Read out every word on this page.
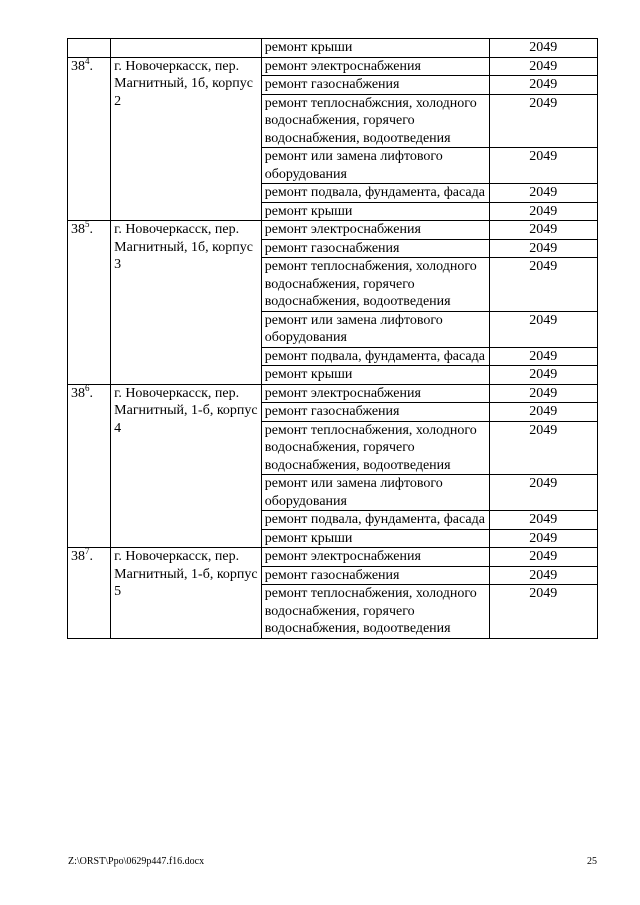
		ремонт крыши	2049
$38^4$.	г. Новочеркасск, пер. Магнитный, 1б, корпус 2	ремонт электроснабжения	2049
		ремонт газоснабжения	2049
		ремонт теплоснабжсния, холодного водоснабжения, горячего водоснабжения, водоотведения	2049
		ремонт или замена лифтового оборудования	2049
		ремонт подвала, фундамента, фасада	2049
		ремонт крыши	2049
$38^5$.	г. Новочеркасск, пер. Магнитный, 1б, корпус 3	ремонт электроснабжения	2049
		ремонт газоснабжения	2049
		ремонт теплоснабжения, холодного водоснабжения, горячего водоснабжения, водоотведения	2049
		ремонт или замена лифтового оборудования	2049
		ремонт подвала, фундамента, фасада	2049
		ремонт крыши	2049
$38^6$.	г. Новочеркасск, пер. Магнитный, 1-б, корпус 4	ремонт электроснабжения	2049
		ремонт газоснабжения	2049
		ремонт теплоснабжения, холодного водоснабжения, горячего водоснабжения, водоотведения	2049
		ремонт или замена лифтового оборудования	2049
		ремонт подвала, фундамента, фасада	2049
		ремонт крыши	2049
$38^7$.	г. Новочеркасск, пер. Магнитный, 1-б, корпус 5	ремонт электроснабжения	2049
		ремонт газоснабжения	2049
		ремонт теплоснабжения, холодного водоснабжения, горячего водоснабжения, водоотведения	2049
Z:\ORST\Ppo\0629p447.f16.docx	25
